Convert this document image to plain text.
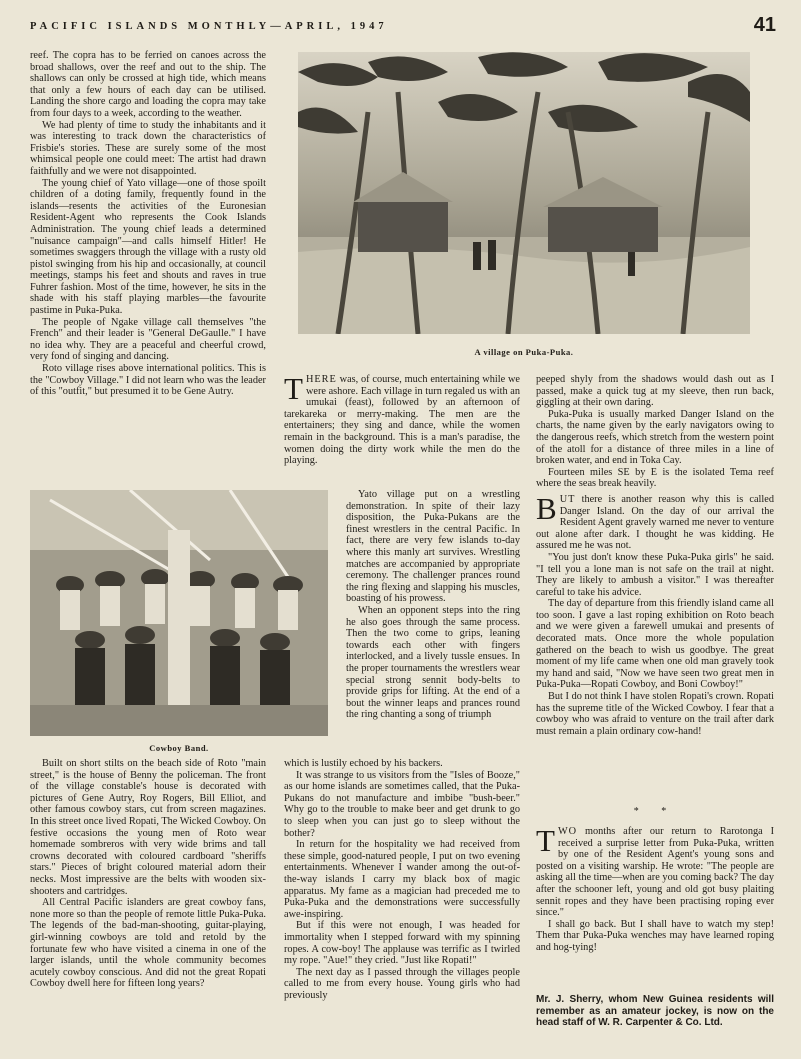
PACIFIC ISLANDS MONTHLY—APRIL, 1947	41

reef. The copra has to be ferried on canoes across the broad shallows, over the reef and out to the ship. The shallows can only be crossed at high tide, which means that only a few hours of each day can be utilised. Landing the shore cargo and loading the copra may take from four days to a week, according to the weather.

We had plenty of time to study the inhabitants and it was interesting to track down the characteristics of Frisbie's stories. These are surely some of the most whimsical people one could meet: The artist had drawn faithfully and we were not disappointed.

The young chief of Yato village—one of those spoilt children of a doting family, frequently found in the islands—resents the activities of the Euronesian Resident-Agent who represents the Cook Islands Administration. The young chief leads a determined "nuisance campaign"—and calls himself Hitler! He sometimes swaggers through the village with a rusty old pistol swinging from his hip and occasionally, at council meetings, stamps his feet and shouts and raves in true Fuhrer fashion. Most of the time, however, he sits in the shade with his staff playing marbles—the favourite pastime in Puka-Puka.

The people of Ngake village call themselves "the French" and their leader is "General DeGaulle." I have no idea why. They are a peaceful and cheerful crowd, very fond of singing and dancing.

Roto village rises above international politics. This is the "Cowboy Village." I did not learn who was the leader of this "outfit," but presumed it to be Gene Autry.

A village on Puka-Puka.

THERE was, of course, much entertaining while we were ashore. Each village in turn regaled us with an umukai (feast), followed by an afternoon of tarekareka or merry-making. The men are the entertainers; they sing and dance, while the women remain in the background. This is a man's paradise, the women doing the dirty work while the men do the playing.

Cowboy Band.

Yato village put on a wrestling demonstration. In spite of their lazy disposition, the Puka-Pukans are the finest wrestlers in the central Pacific. In fact, there are very few islands to-day where this manly art survives. Wrestling matches are accompanied by appropriate ceremony. The challenger prances round the ring flexing and slapping his muscles, boasting of his prowess.

When an opponent steps into the ring he also goes through the same process. Then the two come to grips, leaning towards each other with fingers interlocked, and a lively tussle ensues. In the proper tournaments the wrestlers wear special strong sennit body-belts to provide grips for lifting. At the end of a bout the winner leaps and prances round the ring chanting a song of triumph

Built on short stilts on the beach side of Roto "main street," is the house of Benny the policeman. The front of the village constable's house is decorated with pictures of Gene Autry, Roy Rogers, Bill Elliot, and other famous cowboy stars, cut from screen magazines. In this street once lived Ropati, The Wicked Cowboy. On festive occasions the young men of Roto wear homemade sombreros with very wide brims and tall crowns decorated with coloured cardboard "sheriffs stars." Pieces of bright coloured material adorn their necks. Most impressive are the belts with wooden six-shooters and cartridges.

All Central Pacific islanders are great cowboy fans, none more so than the people of remote little Puka-Puka. The legends of the bad-man-shooting, guitar-playing, girl-winning cowboys are told and retold by the fortunate few who have visited a cinema in one of the larger islands, until the whole community becomes acutely cowboy conscious. And did not the great Ropati Cowboy dwell here for fifteen long years?

which is lustily echoed by his backers.

It was strange to us visitors from the "Isles of Booze," as our home islands are sometimes called, that the Puka-Pukans do not manufacture and imbibe "bush-beer." Why go to the trouble to make beer and get drunk to go to sleep when you can just go to sleep without the bother?

In return for the hospitality we had received from these simple, good-natured people, I put on two evening entertainments. Whenever I wander among the out-of-the-way islands I carry my black box of magic apparatus. My fame as a magician had preceded me to Puka-Puka and the demonstrations were successfully awe-inspiring.

But if this were not enough, I was headed for immortality when I stepped forward with my spinning ropes. A cow-boy! The applause was terrific as I twirled my rope. "Aue!" they cried. "Just like Ropati!"

The next day as I passed through the villages people called to me from every house. Young girls who had previously

peeped shyly from the shadows would dash out as I passed, make a quick tug at my sleeve, then run back, giggling at their own daring.

Puka-Puka is usually marked Danger Island on the charts, the name given by the early navigators owing to the dangerous reefs, which stretch from the western point of the atoll for a distance of three miles in a line of broken water, and end in Toka Cay.

Fourteen miles SE by E is the isolated Tema reef where the seas break heavily.

BUT there is another reason why this is called Danger Island. On the day of our arrival the Resident Agent gravely warned me never to venture out alone after dark. I thought he was kidding. He assured me he was not.

"You just don't know these Puka-Puka girls" he said. "I tell you a lone man is not safe on the trail at night. They are likely to ambush a visitor." I was thereafter careful to take his advice.

The day of departure from this friendly island came all too soon. I gave a last roping exhibition on Roto beach and we were given a farewell umukai and presents of decorated mats. Once more the whole population gathered on the beach to wish us goodbye. The great moment of my life came when one old man gravely took my hand and said, "Now we have seen two great men in Puka-Puka—Ropati Cowboy, and Boni Cowboy!"

But I do not think I have stolen Ropati's crown. Ropati has the supreme title of the Wicked Cowboy. I fear that a cowboy who was afraid to venture on the trail after dark must remain a plain ordinary cow-hand!

* *

TWO months after our return to Rarotonga I received a surprise letter from Puka-Puka, written by one of the Resident Agent's young sons and posted on a visiting warship. He wrote: "The people are asking all the time—when are you coming back? The day after the schooner left, young and old got busy plaiting sennit ropes and they have been practising roping ever since."

I shall go back. But I shall have to watch my step! Them thar Puka-Puka wenches may have learned roping and hog-tying!

Mr. J. Sherry, whom New Guinea residents will remember as an amateur jockey, is now on the head staff of W. R. Carpenter & Co. Ltd.
